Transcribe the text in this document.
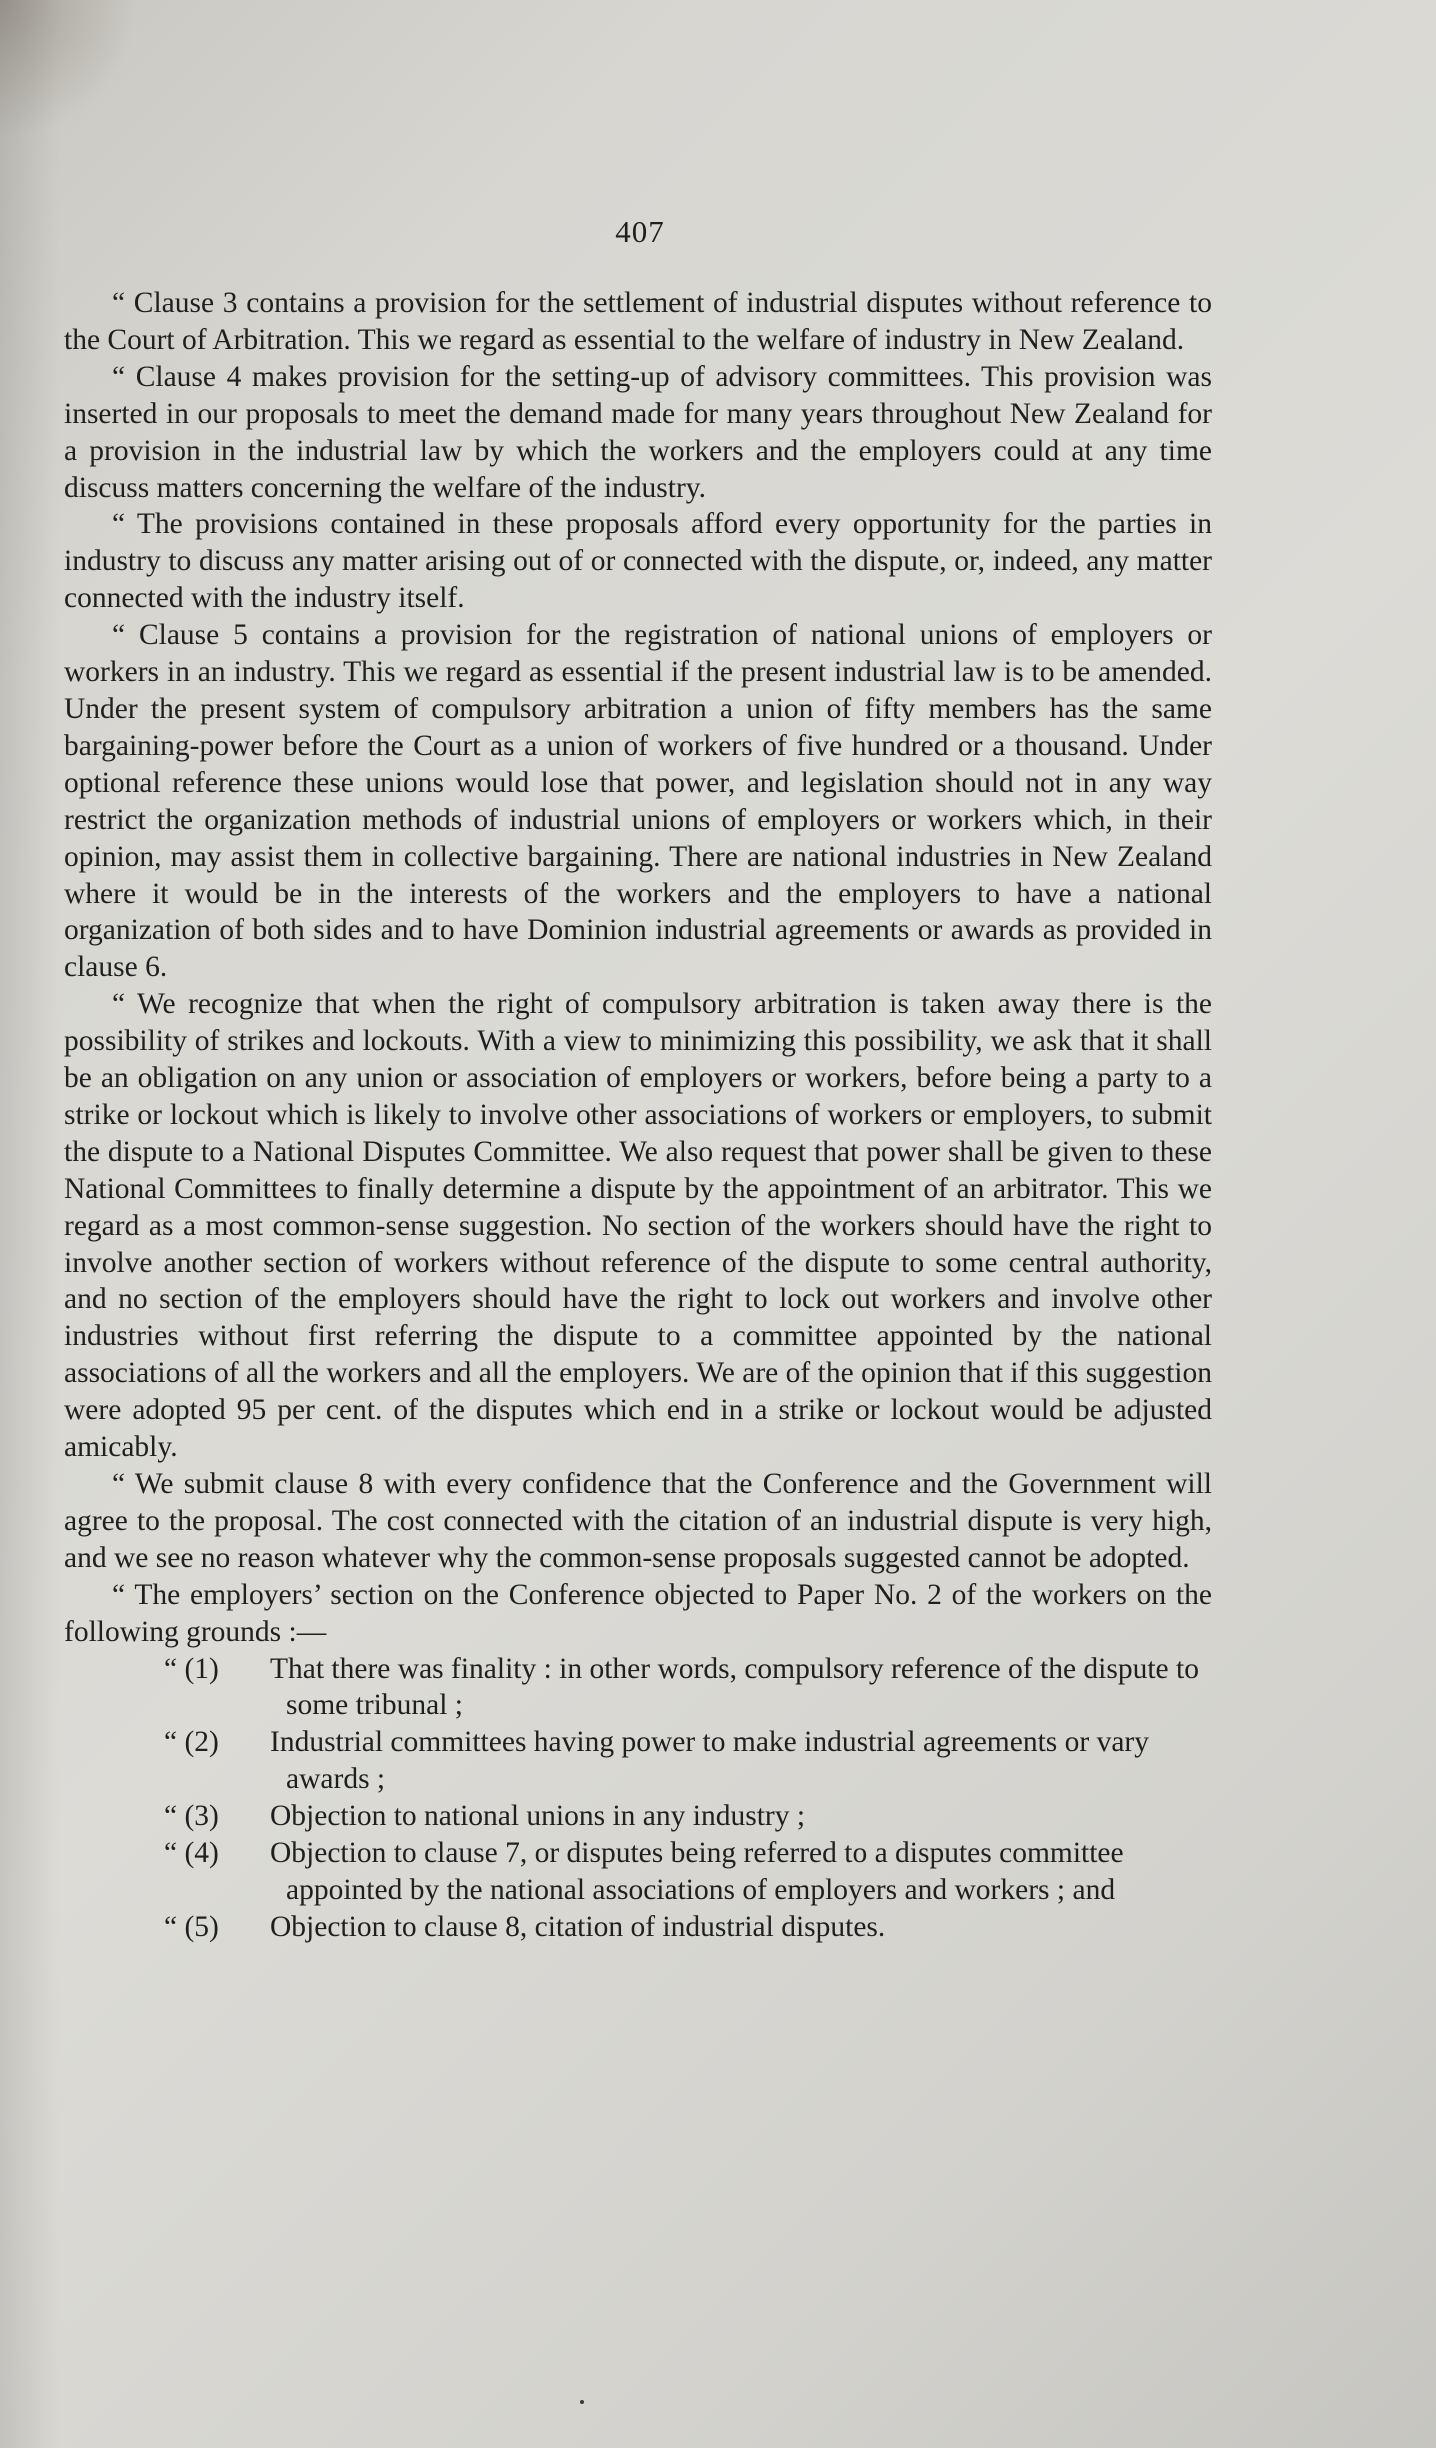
407

“ Clause 3 contains a provision for the settlement of industrial disputes without reference to the Court of Arbitration. This we regard as essential to the welfare of industry in New Zealand.

“ Clause 4 makes provision for the setting-up of advisory committees. This provision was inserted in our proposals to meet the demand made for many years throughout New Zealand for a provision in the industrial law by which the workers and the employers could at any time discuss matters concerning the welfare of the industry.

“ The provisions contained in these proposals afford every opportunity for the parties in industry to discuss any matter arising out of or connected with the dispute, or, indeed, any matter connected with the industry itself.

“ Clause 5 contains a provision for the registration of national unions of employers or workers in an industry. This we regard as essential if the present industrial law is to be amended. Under the present system of compulsory arbitration a union of fifty members has the same bargaining-power before the Court as a union of workers of five hundred or a thousand. Under optional reference these unions would lose that power, and legislation should not in any way restrict the organization methods of industrial unions of employers or workers which, in their opinion, may assist them in collective bargaining. There are national industries in New Zealand where it would be in the interests of the workers and the employers to have a national organization of both sides and to have Dominion industrial agreements or awards as provided in clause 6.

“ We recognize that when the right of compulsory arbitration is taken away there is the possibility of strikes and lockouts. With a view to minimizing this possibility, we ask that it shall be an obligation on any union or association of employers or workers, before being a party to a strike or lockout which is likely to involve other associations of workers or employers, to submit the dispute to a National Disputes Committee. We also request that power shall be given to these National Committees to finally determine a dispute by the appointment of an arbitrator. This we regard as a most common-sense suggestion. No section of the workers should have the right to involve another section of workers without reference of the dispute to some central authority, and no section of the employers should have the right to lock out workers and involve other industries without first referring the dispute to a committee appointed by the national associations of all the workers and all the employers. We are of the opinion that if this suggestion were adopted 95 per cent. of the disputes which end in a strike or lockout would be adjusted amicably.

“ We submit clause 8 with every confidence that the Conference and the Government will agree to the proposal. The cost connected with the citation of an industrial dispute is very high, and we see no reason whatever why the common-sense proposals suggested cannot be adopted.

“ The employers’ section on the Conference objected to Paper No. 2 of the workers on the following grounds :—

“ (1) That there was finality : in other words, compulsory reference of the dispute to some tribunal ;
“ (2) Industrial committees having power to make industrial agreements or vary awards ;
“ (3) Objection to national unions in any industry ;
“ (4) Objection to clause 7, or disputes being referred to a disputes committee appointed by the national associations of employers and workers ; and
“ (5) Objection to clause 8, citation of industrial disputes.
